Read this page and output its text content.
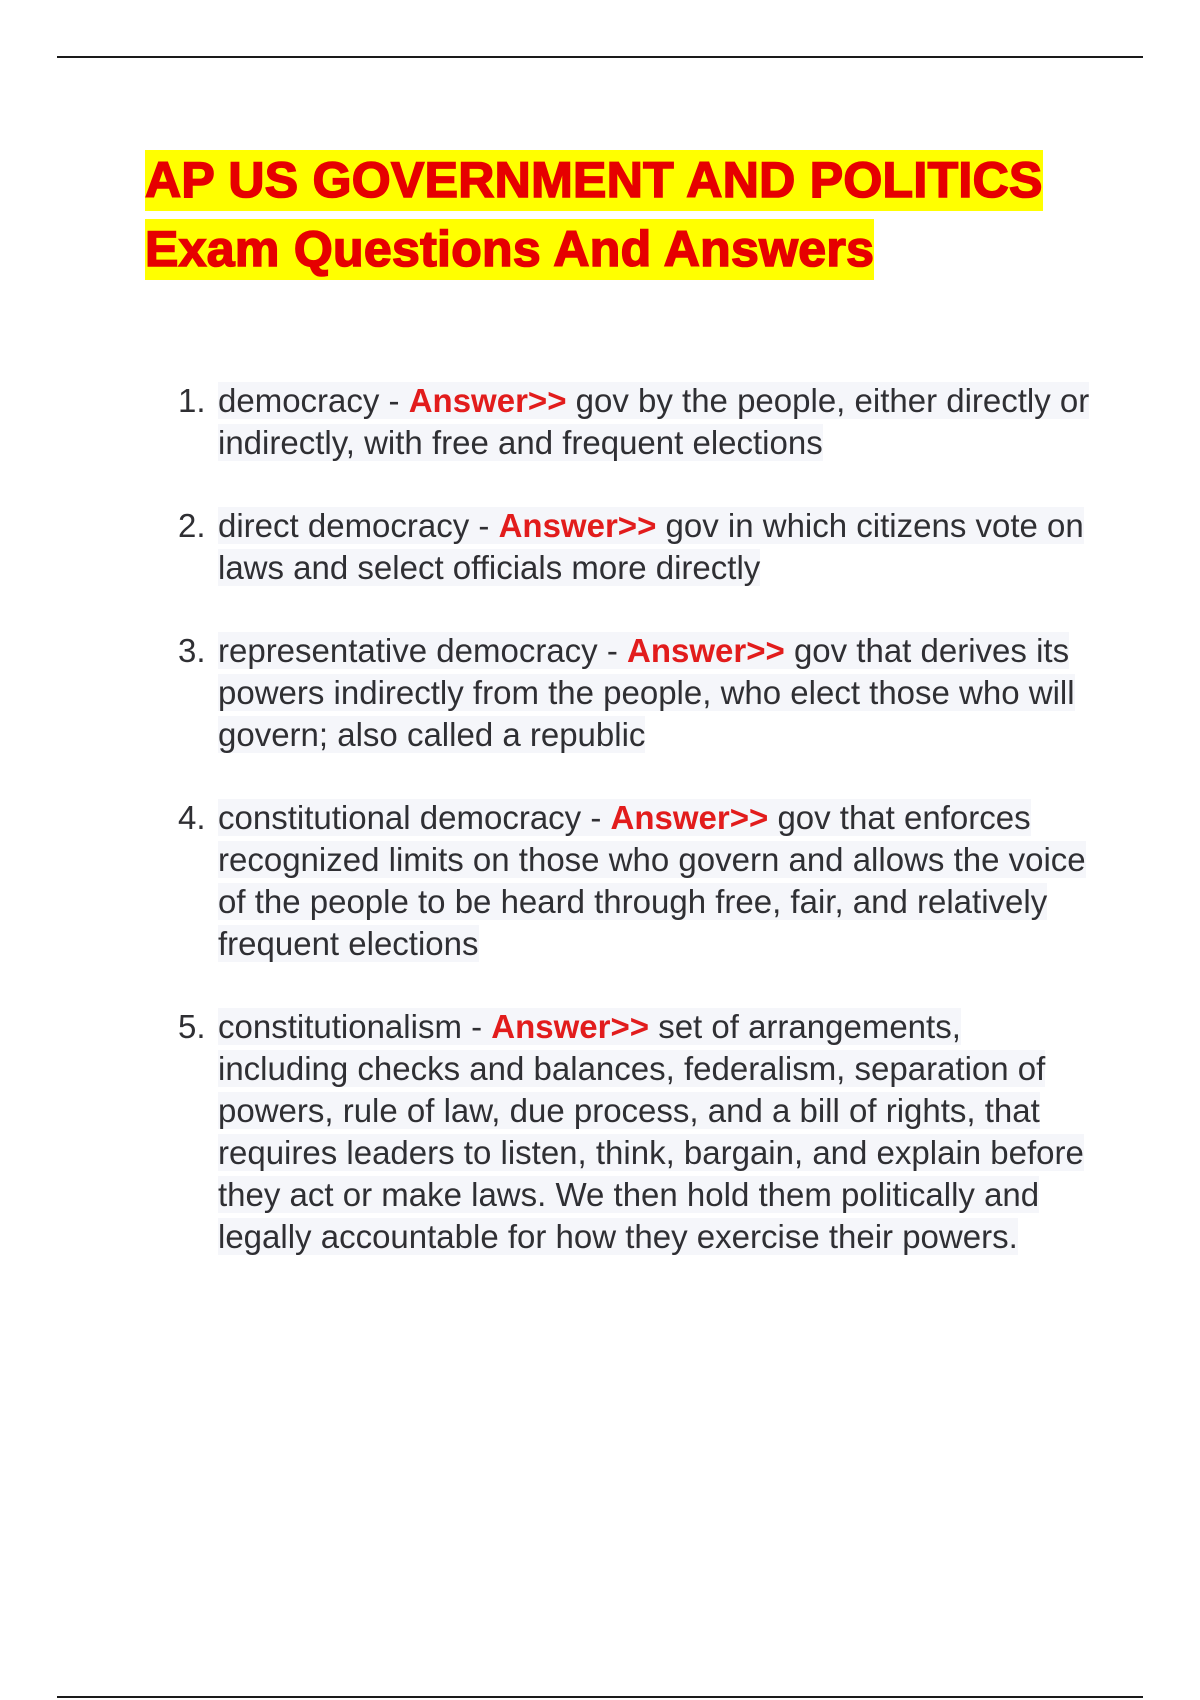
AP US GOVERNMENT AND POLITICS Exam Questions And Answers
1. democracy - Answer>> gov by the people, either directly or indirectly, with free and frequent elections

2. direct democracy - Answer>> gov in which citizens vote on laws and select officials more directly

3. representative democracy - Answer>> gov that derives its powers indirectly from the people, who elect those who will govern; also called a republic

4. constitutional democracy - Answer>> gov that enforces recognized limits on those who govern and allows the voice of the people to be heard through free, fair, and relatively frequent elections

5. constitutionalism - Answer>> set of arrangements, including checks and balances, federalism, separation of powers, rule of law, due process, and a bill of rights, that requires leaders to listen, think, bargain, and explain before they act or make laws. We then hold them politically and legally accountable for how they exercise their powers.
